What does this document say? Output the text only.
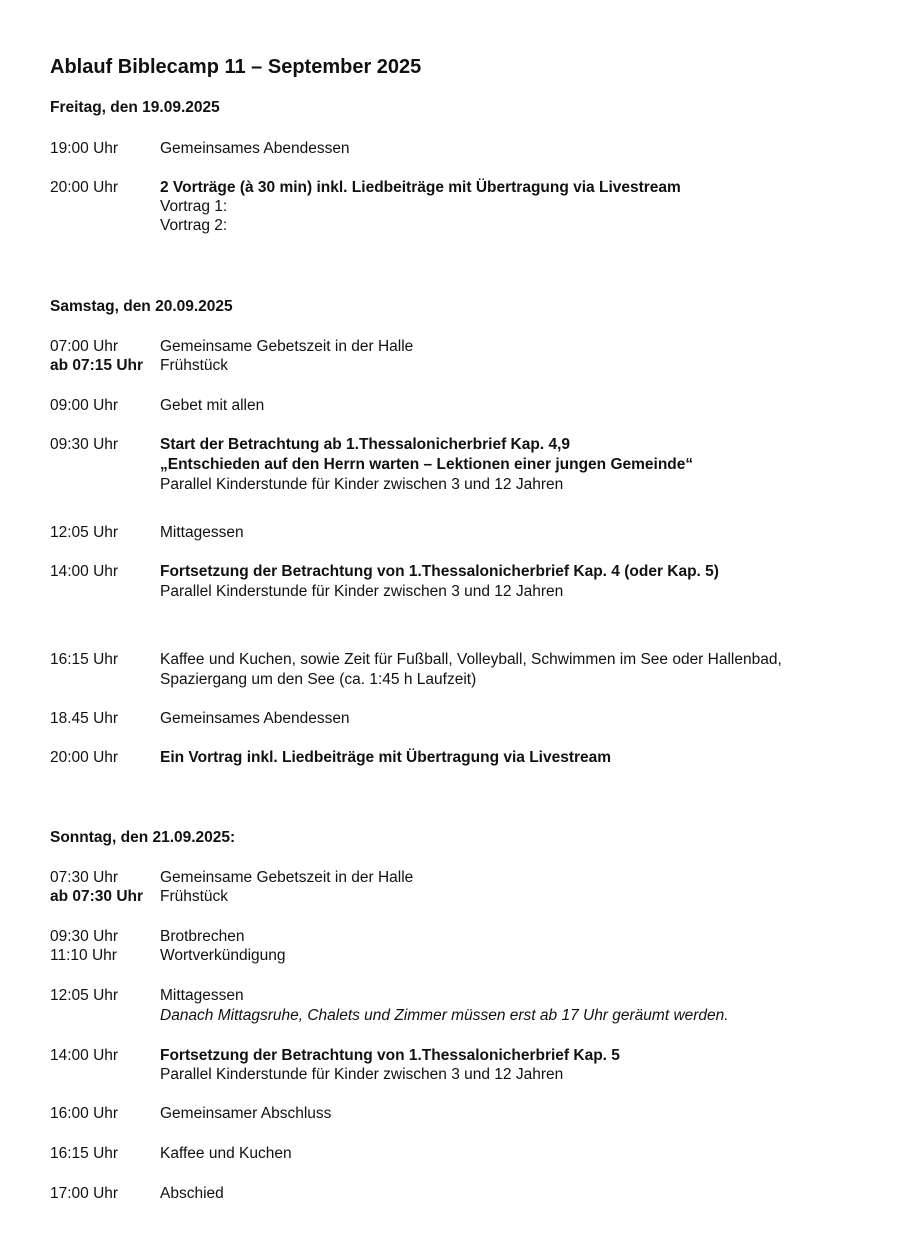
Ablauf Biblecamp 11 – September 2025
Freitag, den 19.09.2025
19:00 Uhr	Gemeinsames Abendessen
20:00 Uhr	2 Vorträge (à 30 min) inkl. Liedbeiträge mit Übertragung via Livestream
Vortrag 1:
Vortrag 2:
Samstag, den 20.09.2025
07:00 Uhr	Gemeinsame Gebetszeit in der Halle
ab 07:15 Uhr Frühstück
09:00 Uhr	Gebet mit allen
09:30 Uhr	Start der Betrachtung ab 1.Thessalonicherbrief Kap. 4,9
„Entschieden auf den Herrn warten – Lektionen einer jungen Gemeinde“
Parallel Kinderstunde für Kinder zwischen 3 und 12 Jahren
12:05 Uhr	Mittagessen
14:00 Uhr	Fortsetzung der Betrachtung von 1.Thessalonicherbrief Kap. 4 (oder Kap. 5)
Parallel Kinderstunde für Kinder zwischen 3 und 12 Jahren
16:15 Uhr	Kaffee und Kuchen, sowie Zeit für Fußball, Volleyball, Schwimmen im See oder Hallenbad,
Spaziergang um den See (ca. 1:45 h Laufzeit)
18.45 Uhr	Gemeinsames Abendessen
20:00 Uhr	Ein Vortrag inkl. Liedbeiträge mit Übertragung via Livestream
Sonntag, den 21.09.2025:
07:30 Uhr	Gemeinsame Gebetszeit in der Halle
ab 07:30 Uhr Frühstück
09:30 Uhr	Brotbrechen
11:10 Uhr	Wortverkündigung
12:05 Uhr	Mittagessen
Danach Mittagsruhe, Chalets und Zimmer müssen erst ab 17 Uhr geräumt werden.
14:00 Uhr	Fortsetzung der Betrachtung von 1.Thessalonicherbrief Kap. 5
Parallel Kinderstunde für Kinder zwischen 3 und 12 Jahren
16:00 Uhr	Gemeinsamer Abschluss
16:15 Uhr	Kaffee und Kuchen
17:00 Uhr	Abschied
